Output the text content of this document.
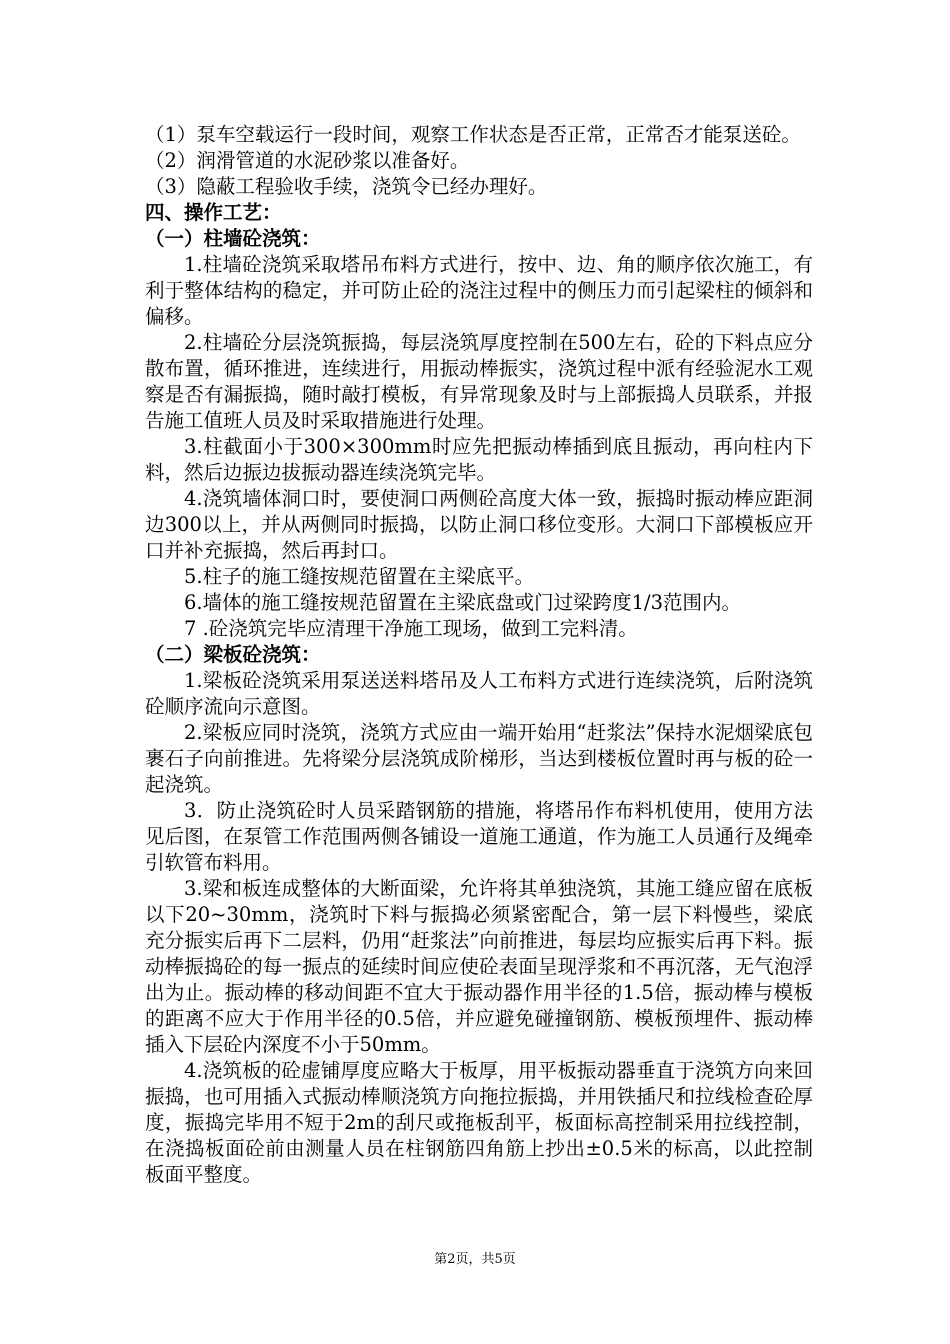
（1）泵车空载运行一段时间，观察工作状态是否正常，正常否才能泵送砼。

（2）润滑管道的水泥砂浆以准备好。

（3）隐蔽工程验收手续，浇筑令已经办理好。

四、操作工艺：

（一）柱墙砼浇筑：

1.柱墙砼浇筑采取塔吊布料方式进行，按中、边、角的顺序依次施工，有利于整体结构的稳定，并可防止砼的浇注过程中的侧压力而引起梁柱的倾斜和偏移。

2.柱墙砼分层浇筑振捣，每层浇筑厚度控制在500左右，砼的下料点应分散布置，循环推进，连续进行，用振动棒振实，浇筑过程中派有经验泥水工观察是否有漏振捣，随时敲打模板，有异常现象及时与上部振捣人员联系，并报告施工值班人员及时采取措施进行处理。

3.柱截面小于300×300mm时应先把振动棒插到底且振动，再向柱内下料，然后边振边拔振动器连续浇筑完毕。

4.浇筑墙体洞口时，要使洞口两侧砼高度大体一致，振捣时振动棒应距洞边300以上，并从两侧同时振捣，以防止洞口移位变形。大洞口下部模板应开口并补充振捣，然后再封口。

5.柱子的施工缝按规范留置在主梁底平。

6.墙体的施工缝按规范留置在主梁底盘或门过梁跨度1/3范围内。

7 .砼浇筑完毕应清理干净施工现场，做到工完料清。

（二）梁板砼浇筑：

1.梁板砼浇筑采用泵送送料塔吊及人工布料方式进行连续浇筑，后附浇筑砼顺序流向示意图。

2.梁板应同时浇筑，浇筑方式应由一端开始用“赶浆法”保持水泥烟梁底包裹石子向前推进。先将梁分层浇筑成阶梯形，当达到楼板位置时再与板的砼一起浇筑。

3．防止浇筑砼时人员采踏钢筋的措施，将塔吊作布料机使用，使用方法见后图，在泵管工作范围两侧各铺设一道施工通道，作为施工人员通行及绳牵引软管布料用。

3.梁和板连成整体的大断面梁，允许将其单独浇筑，其施工缝应留在底板以下20~30mm，浇筑时下料与振捣必须紧密配合，第一层下料慢些，梁底充分振实后再下二层料，仍用“赶浆法”向前推进，每层均应振实后再下料。振动棒振捣砼的每一振点的延续时间应使砼表面呈现浮浆和不再沉落，无气泡浮出为止。振动棒的移动间距不宜大于振动器作用半径的1.5倍，振动棒与模板的距离不应大于作用半径的0.5倍，并应避免碰撞钢筋、模板预埋件、振动棒插入下层砼内深度不小于50mm。

4.浇筑板的砼虚铺厚度应略大于板厚，用平板振动器垂直于浇筑方向来回振捣，也可用插入式振动棒顺浇筑方向拖拉振捣，并用铁插尺和拉线检查砼厚度，振捣完毕用不短于2m的刮尺或拖板刮平，板面标高控制采用拉线控制，在浇捣板面砼前由测量人员在柱钢筋四角筋上抄出±0.5米的标高，以此控制板面平整度。

第2页，共5页
